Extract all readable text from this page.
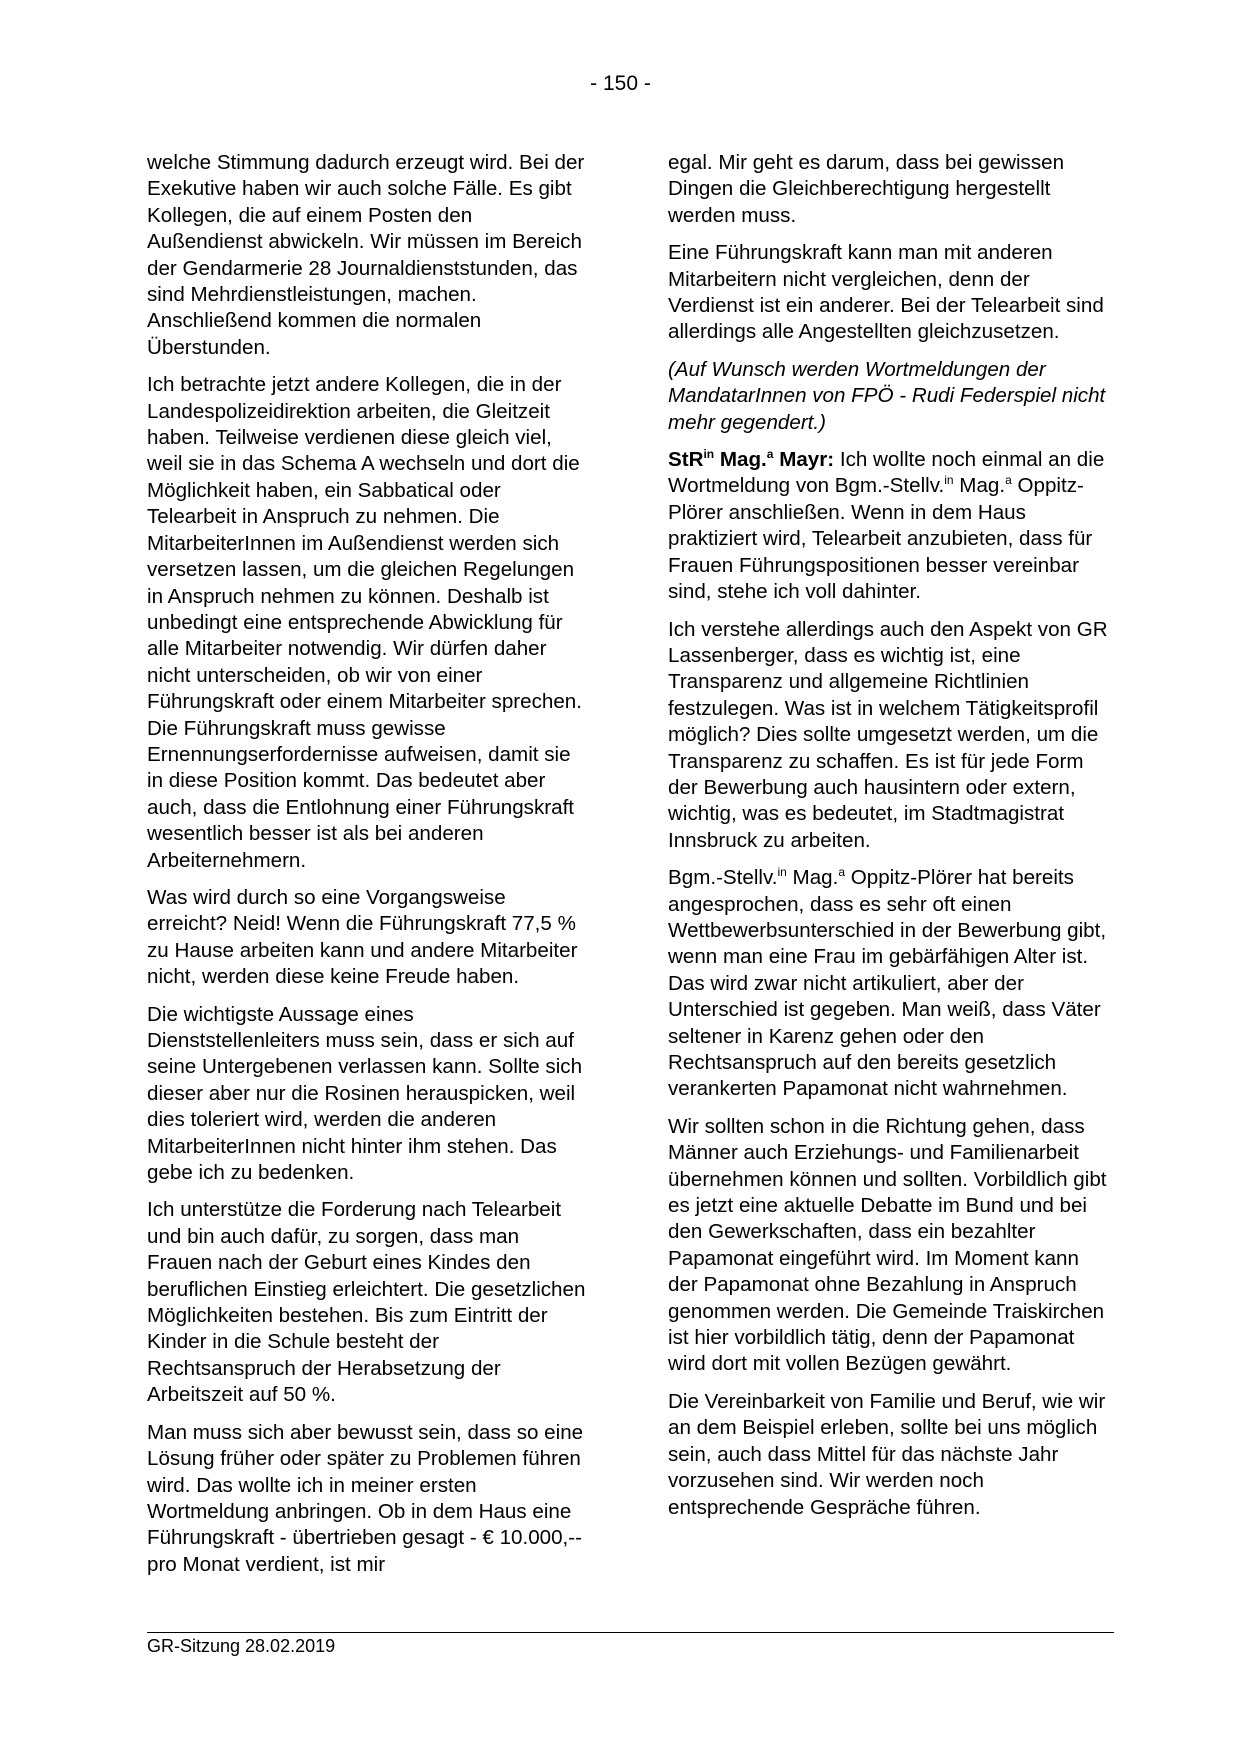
- 150 -

welche Stimmung dadurch erzeugt wird. Bei der Exekutive haben wir auch solche Fälle. Es gibt Kollegen, die auf einem Posten den Außendienst abwickeln. Wir müssen im Bereich der Gendarmerie 28 Journaldienststunden, das sind Mehrdienstleistungen, machen. Anschließend kommen die normalen Überstunden.

Ich betrachte jetzt andere Kollegen, die in der Landespolizeidirektion arbeiten, die Gleitzeit haben. Teilweise verdienen diese gleich viel, weil sie in das Schema A wechseln und dort die Möglichkeit haben, ein Sabbatical oder Telearbeit in Anspruch zu nehmen. Die MitarbeiterInnen im Außendienst werden sich versetzen lassen, um die gleichen Regelungen in Anspruch nehmen zu können. Deshalb ist unbedingt eine entsprechende Abwicklung für alle Mitarbeiter notwendig. Wir dürfen daher nicht unterscheiden, ob wir von einer Führungskraft oder einem Mitarbeiter sprechen. Die Führungskraft muss gewisse Ernennungserfordernisse aufweisen, damit sie in diese Position kommt. Das bedeutet aber auch, dass die Entlohnung einer Führungskraft wesentlich besser ist als bei anderen Arbeiternehmern.

Was wird durch so eine Vorgangsweise erreicht? Neid! Wenn die Führungskraft 77,5 % zu Hause arbeiten kann und andere Mitarbeiter nicht, werden diese keine Freude haben.

Die wichtigste Aussage eines Dienststellenleiters muss sein, dass er sich auf seine Untergebenen verlassen kann. Sollte sich dieser aber nur die Rosinen herauspicken, weil dies toleriert wird, werden die anderen MitarbeiterInnen nicht hinter ihm stehen. Das gebe ich zu bedenken.

Ich unterstütze die Forderung nach Telearbeit und bin auch dafür, zu sorgen, dass man Frauen nach der Geburt eines Kindes den beruflichen Einstieg erleichtert. Die gesetzlichen Möglichkeiten bestehen. Bis zum Eintritt der Kinder in die Schule besteht der Rechtsanspruch der Herabsetzung der Arbeitszeit auf 50 %.

Man muss sich aber bewusst sein, dass so eine Lösung früher oder später zu Problemen führen wird. Das wollte ich in meiner ersten Wortmeldung anbringen. Ob in dem Haus eine Führungskraft - übertrieben gesagt - € 10.000,-- pro Monat verdient, ist mir

egal. Mir geht es darum, dass bei gewissen Dingen die Gleichberechtigung hergestellt werden muss.

Eine Führungskraft kann man mit anderen Mitarbeitern nicht vergleichen, denn der Verdienst ist ein anderer. Bei der Telearbeit sind allerdings alle Angestellten gleichzusetzen.

(Auf Wunsch werden Wortmeldungen der MandatarInnen von FPÖ - Rudi Federspiel nicht mehr gegendert.)

StR$^{in}$ Mag.$^a$ Mayr: Ich wollte noch einmal an die Wortmeldung von Bgm.-Stellv.$^{in}$ Mag.$^a$ Oppitz-Plörer anschließen. Wenn in dem Haus praktiziert wird, Telearbeit anzubieten, dass für Frauen Führungspositionen besser vereinbar sind, stehe ich voll dahinter.

Ich verstehe allerdings auch den Aspekt von GR Lassenberger, dass es wichtig ist, eine Transparenz und allgemeine Richtlinien festzulegen. Was ist in welchem Tätigkeitsprofil möglich? Dies sollte umgesetzt werden, um die Transparenz zu schaffen. Es ist für jede Form der Bewerbung auch hausintern oder extern, wichtig, was es bedeutet, im Stadtmagistrat Innsbruck zu arbeiten.

Bgm.-Stellv.$^{in}$ Mag.$^a$ Oppitz-Plörer hat bereits angesprochen, dass es sehr oft einen Wettbewerbsunterschied in der Bewerbung gibt, wenn man eine Frau im gebärfähigen Alter ist. Das wird zwar nicht artikuliert, aber der Unterschied ist gegeben. Man weiß, dass Väter seltener in Karenz gehen oder den Rechtsanspruch auf den bereits gesetzlich verankerten Papamonat nicht wahrnehmen.

Wir sollten schon in die Richtung gehen, dass Männer auch Erziehungs- und Familienarbeit übernehmen können und sollten. Vorbildlich gibt es jetzt eine aktuelle Debatte im Bund und bei den Gewerkschaften, dass ein bezahlter Papamonat eingeführt wird. Im Moment kann der Papamonat ohne Bezahlung in Anspruch genommen werden. Die Gemeinde Traiskirchen ist hier vorbildlich tätig, denn der Papamonat wird dort mit vollen Bezügen gewährt.

Die Vereinbarkeit von Familie und Beruf, wie wir an dem Beispiel erleben, sollte bei uns möglich sein, auch dass Mittel für das nächste Jahr vorzusehen sind. Wir werden noch entsprechende Gespräche führen.

GR-Sitzung 28.02.2019
